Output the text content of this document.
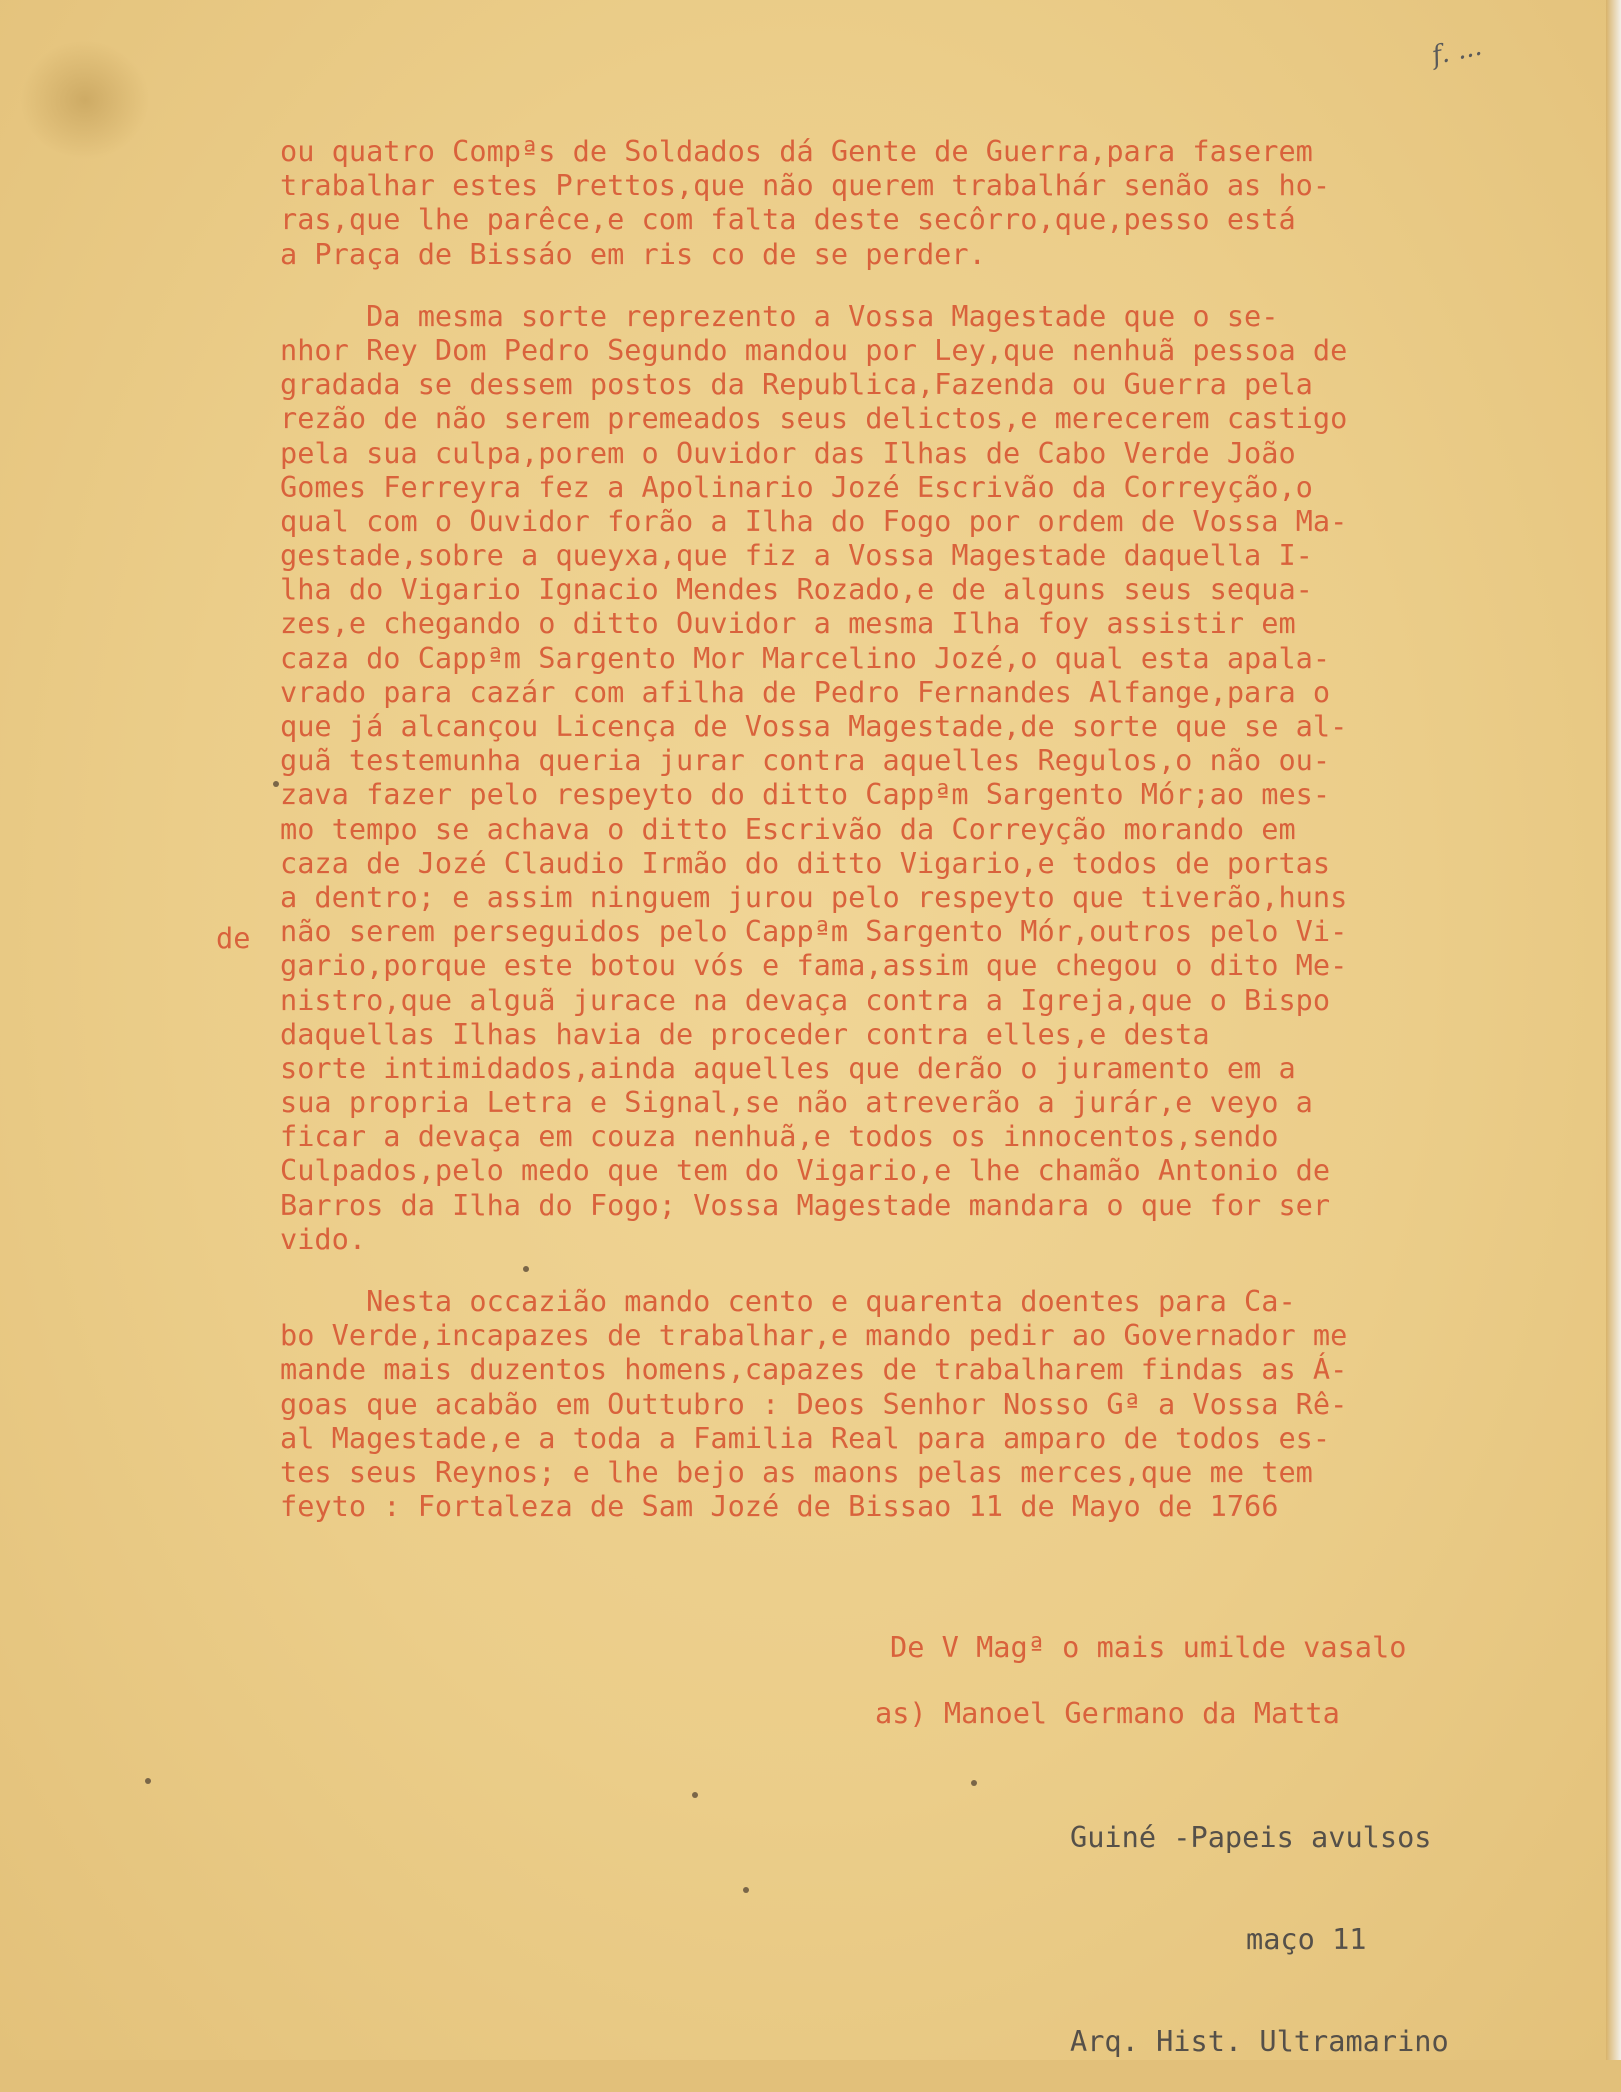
f. ...
ou quatro Compªs de Soldados dá Gente de Guerra,para faserem
trabalhar estes Prettos,que não querem trabalhár senão as ho-
ras,que lhe parêce,e com falta deste secôrro,que,pesso está
a Praça de Bissáo em ris co de se perder.
Da mesma sorte reprezento a Vossa Magestade que o se-
nhor Rey Dom Pedro Segundo mandou por Ley,que nenhuã pessoa de
gradada se dessem postos da Republica,Fazenda ou Guerra pela
rezão de não serem premeados seus delictos,e merecerem castigo
pela sua culpa,porem o Ouvidor das Ilhas de Cabo Verde João
Gomes Ferreyra fez a Apolinario Jozé Escrivão da Correyção,o
qual com o Ouvidor forão a Ilha do Fogo por ordem de Vossa Ma-
gestade,sobre a queyxa,que fiz a Vossa Magestade daquella I-
lha do Vigario Ignacio Mendes Rozado,e de alguns seus sequa-
zes,e chegando o ditto Ouvidor a mesma Ilha foy assistir em
caza do Cappªm Sargento Mor Marcelino Jozé,o qual esta apala-
vrado para cazár com afilha de Pedro Fernandes Alfange,para o
que já alcançou Licença de Vossa Magestade,de sorte que se al-
guã testemunha queria jurar contra aquelles Regulos,o não ou-
zava fazer pelo respeyto do ditto Cappªm Sargento Mór;ao mes-
mo tempo se achava o ditto Escrivão da Correyção morando em
caza de Jozé Claudio Irmão do ditto Vigario,e todos de portas
a dentro; e assim ninguem jurou pelo respeyto que tiverão,huns
não serem perseguidos pelo Cappªm Sargento Mór,outros pelo Vi-
gario,porque este botou vós e fama,assim que chegou o dito Me-
nistro,que alguã jurace na devaça contra a Igreja,que o Bispo
daquellas Ilhas havia de proceder contra elles,e desta
sorte intimidados,ainda aquelles que derão o juramento em a
sua propria Letra e Signal,se não atreverão a jurár,e veyo a
ficar a devaça em couza nenhuã,e todos os innocentos,sendo
Culpados,pelo medo que tem do Vigario,e lhe chamão Antonio de
Barros da Ilha do Fogo; Vossa Magestade mandara o que for ser
vido.
Nesta occazião mando cento e quarenta doentes para Ca-
bo Verde,incapazes de trabalhar,e mando pedir ao Governador me
mande mais duzentos homens,capazes de trabalharem findas as Á-
goas que acabão em Outtubro : Deos Senhor Nosso Gª a Vossa Rê-
al Magestade,e a toda a Familia Real para amparo de todos es-
tes seus Reynos; e lhe bejo as maons pelas merces,que me tem
feyto : Fortaleza de Sam Jozé de Bissao 11 de Mayo de 1766
de
De V Magª o mais umilde vasalo
as) Manoel Germano da Matta

Guiné -Papeis avulsos

maço 11

Arq. Hist. Ultramarino
